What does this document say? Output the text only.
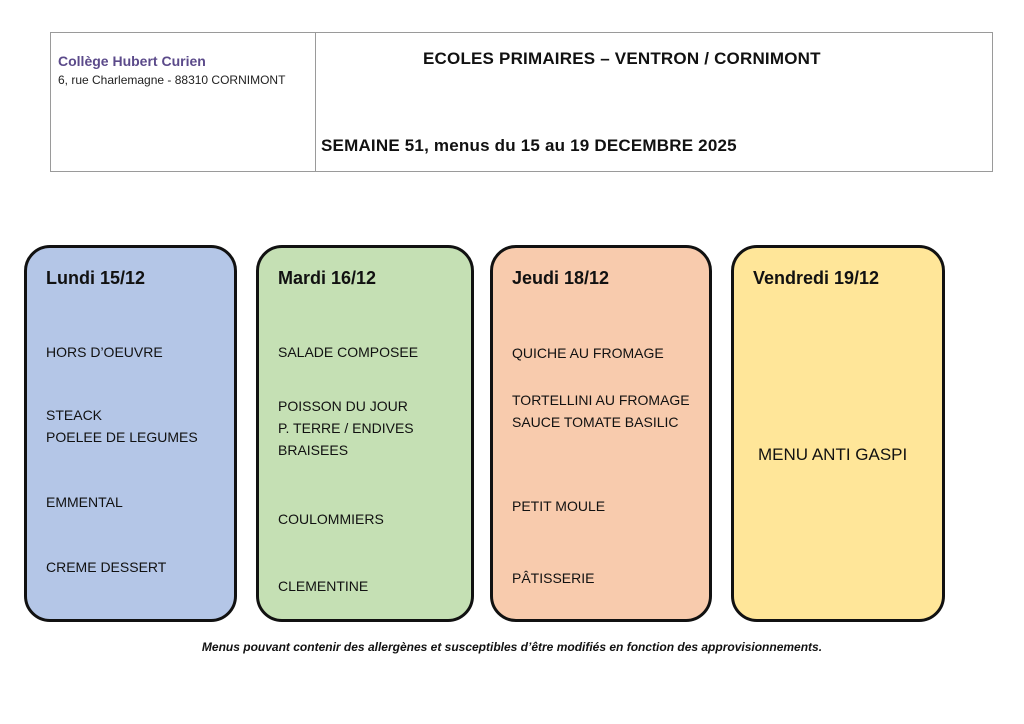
Collège Hubert Curien
6, rue Charlemagne - 88310 CORNIMONT
ECOLES PRIMAIRES – VENTRON / CORNIMONT
SEMAINE 51, menus du 15 au 19 DECEMBRE 2025
Lundi 15/12
HORS D’OEUVRE
STEACK
POELEE DE LEGUMES
EMMENTAL
CREME DESSERT
Mardi 16/12
SALADE COMPOSEE
POISSON DU JOUR
P. TERRE / ENDIVES
BRAISEES
COULOMMIERS
CLEMENTINE
Jeudi 18/12
QUICHE AU FROMAGE
TORTELLINI AU FROMAGE
SAUCE TOMATE BASILIC
PETIT MOULE
PÂTISSERIE
Vendredi 19/12
MENU ANTI GASPI
Menus pouvant contenir des allergènes et susceptibles d’être modifiés en fonction des approvisionnements.
